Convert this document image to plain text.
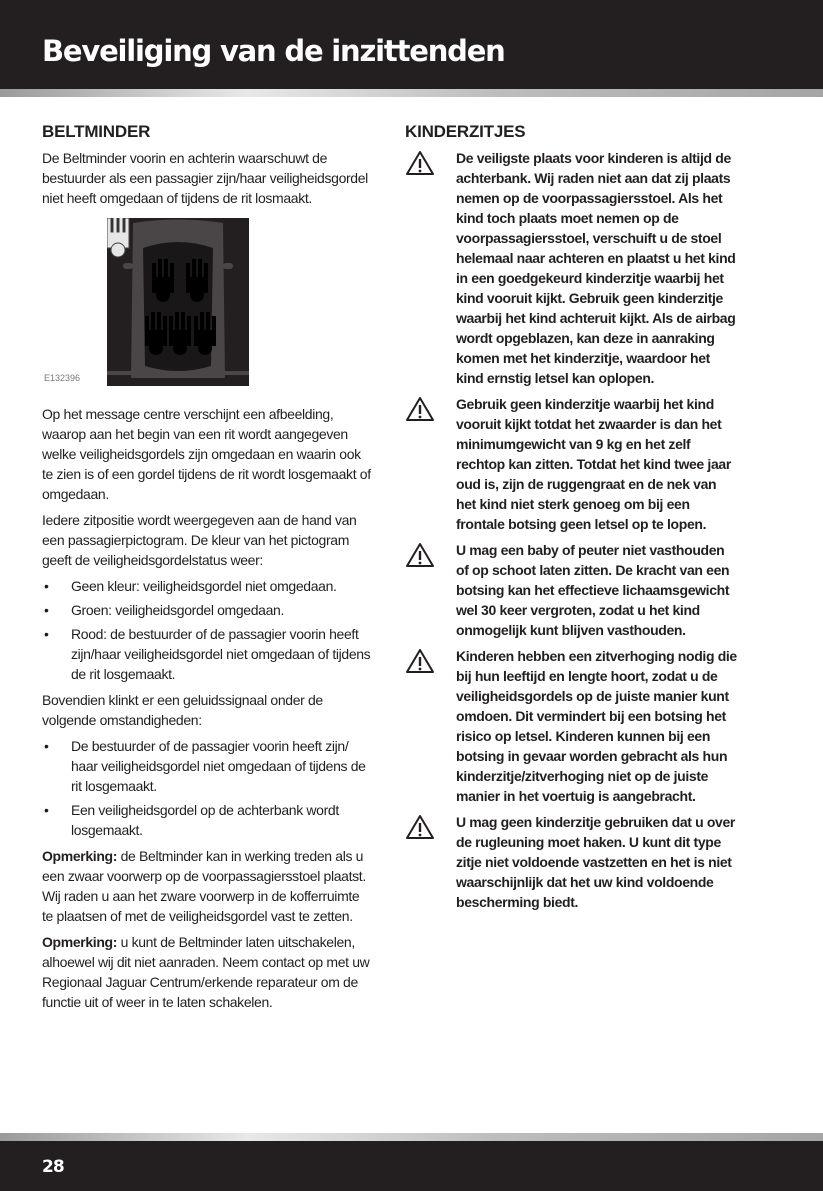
Beveiliging van de inzittenden
BELTMINDER

De Beltminder voorin en achterin waarschuwt de bestuurder als een passagier zijn/haar veiligheidsgordel niet heeft omgedaan of tijdens de rit losmaakt.

E132396

Op het message centre verschijnt een afbeelding, waarop aan het begin van een rit wordt aangegeven welke veiligheidsgordels zijn omgedaan en waarin ook te zien is of een gordel tijdens de rit wordt losgemaakt of omgedaan.

Iedere zitpositie wordt weergegeven aan de hand van een passagierpictogram. De kleur van het pictogram geeft de veiligheidsgordelstatus weer:

• Geen kleur: veiligheidsgordel niet omgedaan.
• Groen: veiligheidsgordel omgedaan.
• Rood: de bestuurder of de passagier voorin heeft zijn/haar veiligheidsgordel niet omgedaan of tijdens de rit losgemaakt.

Bovendien klinkt er een geluidssignaal onder de volgende omstandigheden:

• De bestuurder of de passagier voorin heeft zijn/ haar veiligheidsgordel niet omgedaan of tijdens de rit losgemaakt.
• Een veiligheidsgordel op de achterbank wordt losgemaakt.

Opmerking: de Beltminder kan in werking treden als u een zwaar voorwerp op de voorpassagiersstoel plaatst. Wij raden u aan het zware voorwerp in de kofferruimte te plaatsen of met de veiligheidsgordel vast te zetten.

Opmerking: u kunt de Beltminder laten uitschakelen, alhoewel wij dit niet aanraden. Neem contact op met uw Regionaal Jaguar Centrum/erkende reparateur om de functie uit of weer in te laten schakelen.

KINDERZITJES
De veiligste plaats voor kinderen is altijd de achterbank. Wij raden niet aan dat zij plaats nemen op de voorpassagiersstoel. Als het kind toch plaats moet nemen op de voorpassagiersstoel, verschuift u de stoel helemaal naar achteren en plaatst u het kind in een goedgekeurd kinderzitje waarbij het kind vooruit kijkt. Gebruik geen kinderzitje waarbij het kind achteruit kijkt. Als de airbag wordt opgeblazen, kan deze in aanraking komen met het kinderzitje, waardoor het kind ernstig letsel kan oplopen.
Gebruik geen kinderzitje waarbij het kind vooruit kijkt totdat het zwaarder is dan het minimumgewicht van 9 kg en het zelf rechtop kan zitten. Totdat het kind twee jaar oud is, zijn de ruggengraat en de nek van het kind niet sterk genoeg om bij een frontale botsing geen letsel op te lopen.
U mag een baby of peuter niet vasthouden of op schoot laten zitten. De kracht van een botsing kan het effectieve lichaamsgewicht wel 30 keer vergroten, zodat u het kind onmogelijk kunt blijven vasthouden.
Kinderen hebben een zitverhoging nodig die bij hun leeftijd en lengte hoort, zodat u de veiligheidsgordels op de juiste manier kunt omdoen. Dit vermindert bij een botsing het risico op letsel. Kinderen kunnen bij een botsing in gevaar worden gebracht als hun kinderzitje/zitverhoging niet op de juiste manier in het voertuig is aangebracht.
U mag geen kinderzitje gebruiken dat u over de rugleuning moet haken. U kunt dit type zitje niet voldoende vastzetten en het is niet waarschijnlijk dat het uw kind voldoende bescherming biedt.
28
